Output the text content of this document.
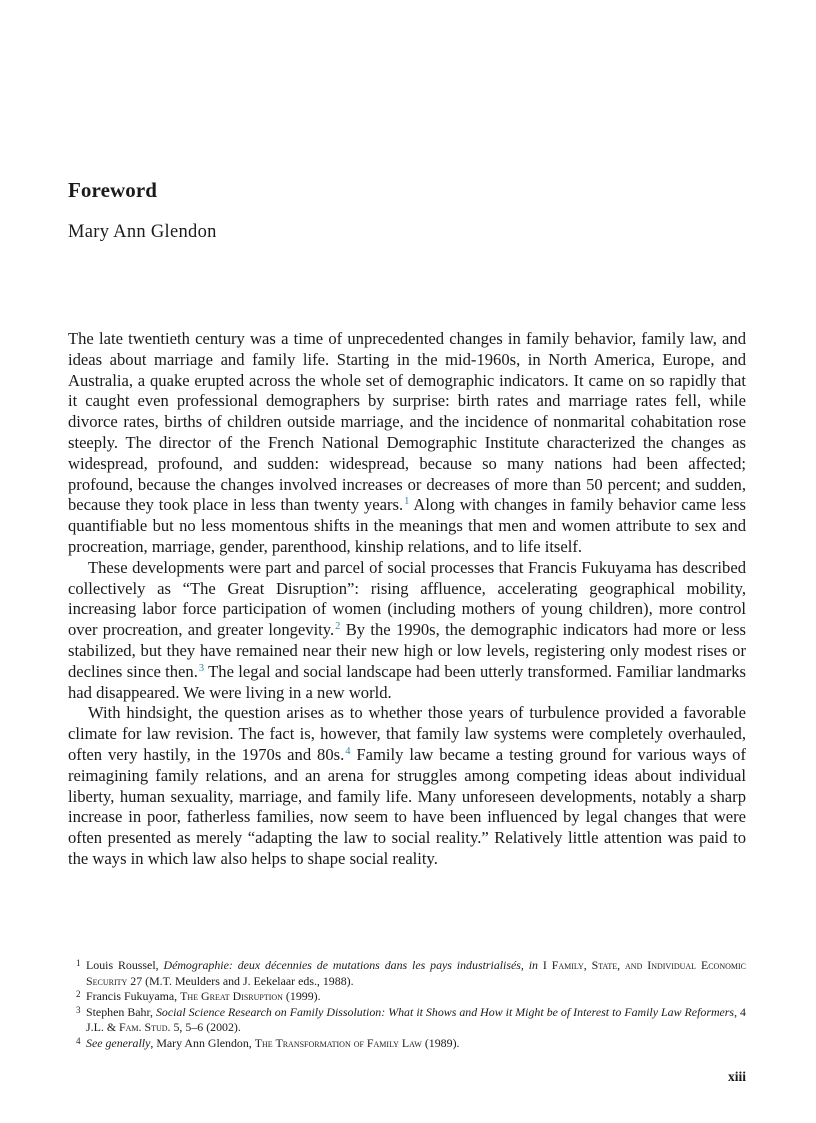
Foreword
Mary Ann Glendon

The late twentieth century was a time of unprecedented changes in family behavior, family law, and ideas about marriage and family life. Starting in the mid-1960s, in North America, Europe, and Australia, a quake erupted across the whole set of demographic indicators. It came on so rapidly that it caught even professional demographers by surprise: birth rates and marriage rates fell, while divorce rates, births of children outside marriage, and the incidence of nonmarital cohabitation rose steeply. The director of the French National Demographic Institute characterized the changes as widespread, profound, and sudden: widespread, because so many nations had been affected; profound, because the changes involved increases or decreases of more than 50 percent; and sudden, because they took place in less than twenty years.$^1$ Along with changes in family behavior came less quantifiable but no less momentous shifts in the meanings that men and women attribute to sex and procreation, marriage, gender, parenthood, kinship relations, and to life itself.

These developments were part and parcel of social processes that Francis Fukuyama has described collectively as “The Great Disruption”: rising affluence, accelerating geographical mobility, increasing labor force participation of women (including mothers of young children), more control over procreation, and greater longevity.$^2$ By the 1990s, the demographic indicators had more or less stabilized, but they have remained near their new high or low levels, registering only modest rises or declines since then.$^3$ The legal and social landscape had been utterly transformed. Familiar landmarks had disappeared. We were living in a new world.

With hindsight, the question arises as to whether those years of turbulence provided a favorable climate for law revision. The fact is, however, that family law systems were completely overhauled, often very hastily, in the 1970s and 80s.$^4$ Family law became a testing ground for various ways of reimagining family relations, and an arena for struggles among competing ideas about individual liberty, human sexuality, marriage, and family life. Many unforeseen developments, notably a sharp increase in poor, fatherless families, now seem to have been influenced by legal changes that were often presented as merely “adapting the law to social reality.” Relatively little attention was paid to the ways in which law also helps to shape social reality.

1 Louis Roussel, Démographie: deux décennies de mutations dans les pays industrialisés, in I Family, State, and Individual Economic Security 27 (M.T. Meulders and J. Eekelaar eds., 1988).

2 Francis Fukuyama, The Great Disruption (1999).

3 Stephen Bahr, Social Science Research on Family Dissolution: What it Shows and How it Might be of Interest to Family Law Reformers, 4 J.L. & Fam. Stud. 5, 5–6 (2002).

4 See generally, Mary Ann Glendon, The Transformation of Family Law (1989).

xiii
